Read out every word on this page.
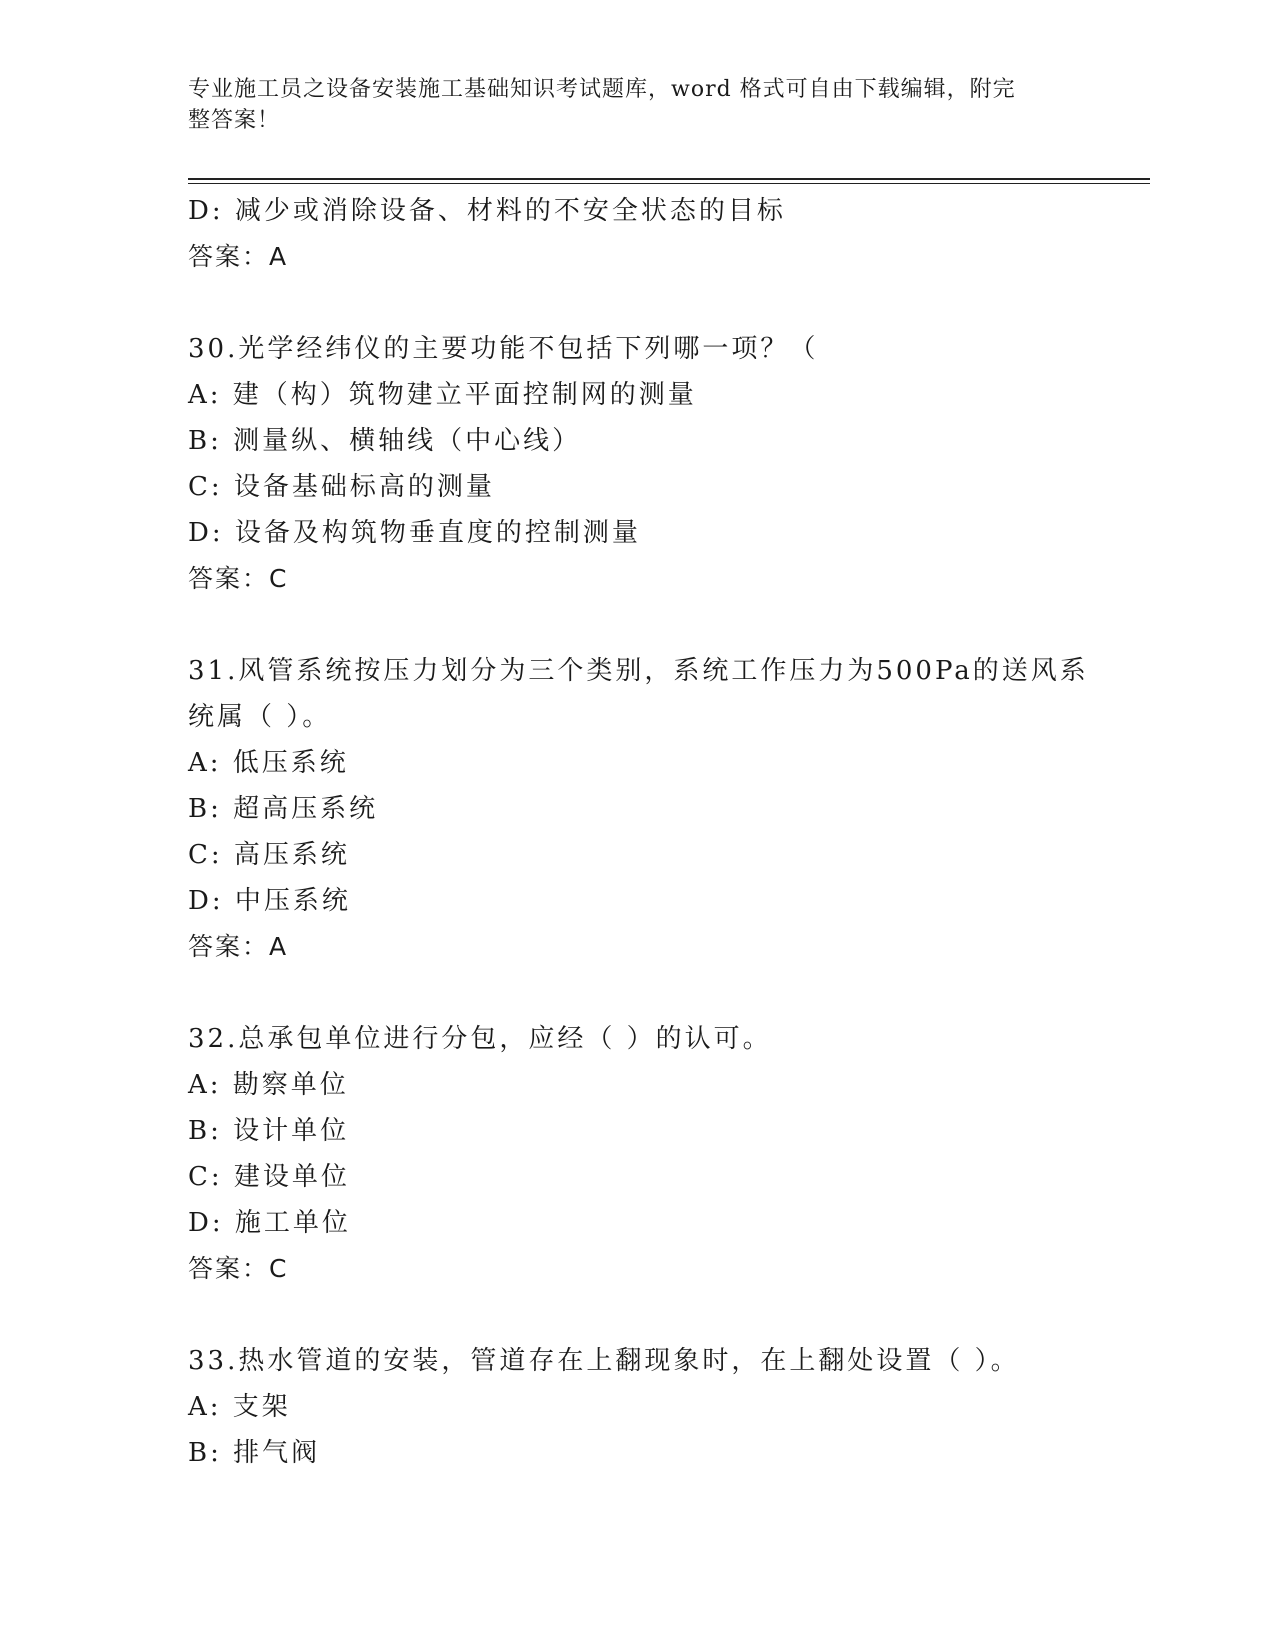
专业施工员之设备安装施工基础知识考试题库，word 格式可自由下载编辑，附完
整答案！
D: 减少或消除设备、材料的不安全状态的目标
答案：A
30.光学经纬仪的主要功能不包括下列哪一项？（
A: 建（构）筑物建立平面控制网的测量
B: 测量纵、横轴线（中心线）
C: 设备基础标高的测量
D: 设备及构筑物垂直度的控制测量
答案：C
31.风管系统按压力划分为三个类别，系统工作压力为500Pa的送风系
统属（ ）。
A: 低压系统
B: 超高压系统
C: 高压系统
D: 中压系统
答案：A
32.总承包单位进行分包，应经（ ）的认可。
A: 勘察单位
B: 设计单位
C: 建设单位
D: 施工单位
答案：C
33.热水管道的安装，管道存在上翻现象时，在上翻处设置（ ）。
A: 支架
B: 排气阀
